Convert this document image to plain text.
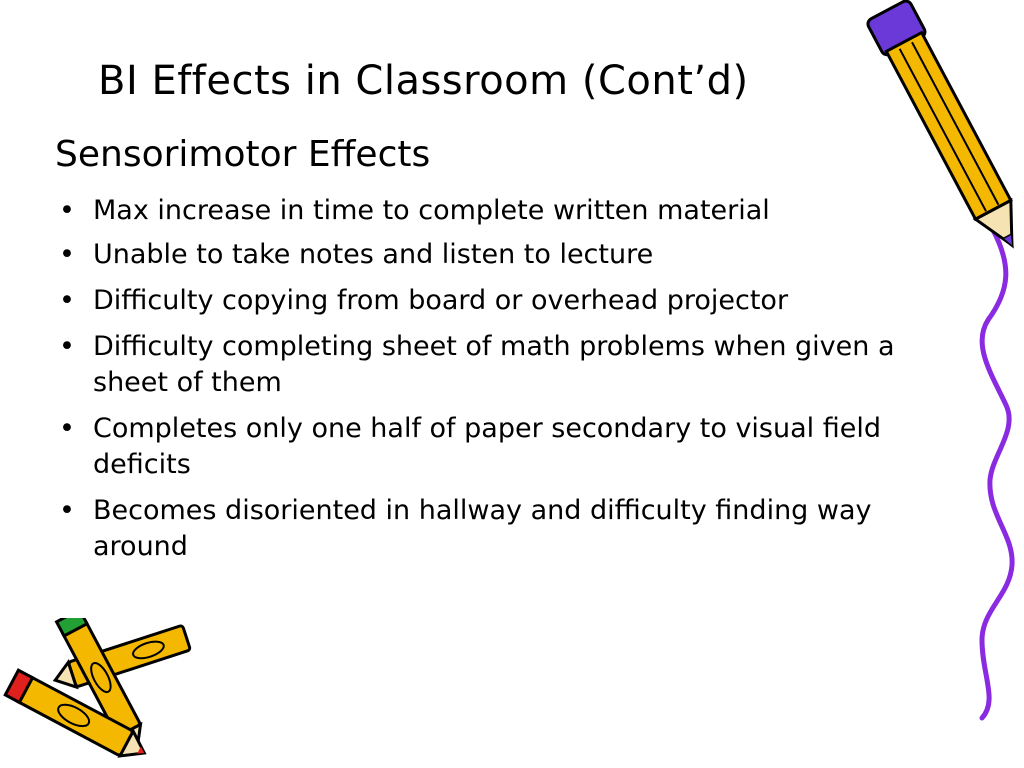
BI Effects in Classroom (Cont’d)
Sensorimotor Effects
• Max increase in time to complete written material
• Unable to take notes and listen to lecture
• Difficulty copying from board or overhead projector
• Difficulty completing sheet of math problems when given a sheet of them
• Completes only one half of paper secondary to visual field deficits
• Becomes disoriented in hallway and difficulty finding way around
